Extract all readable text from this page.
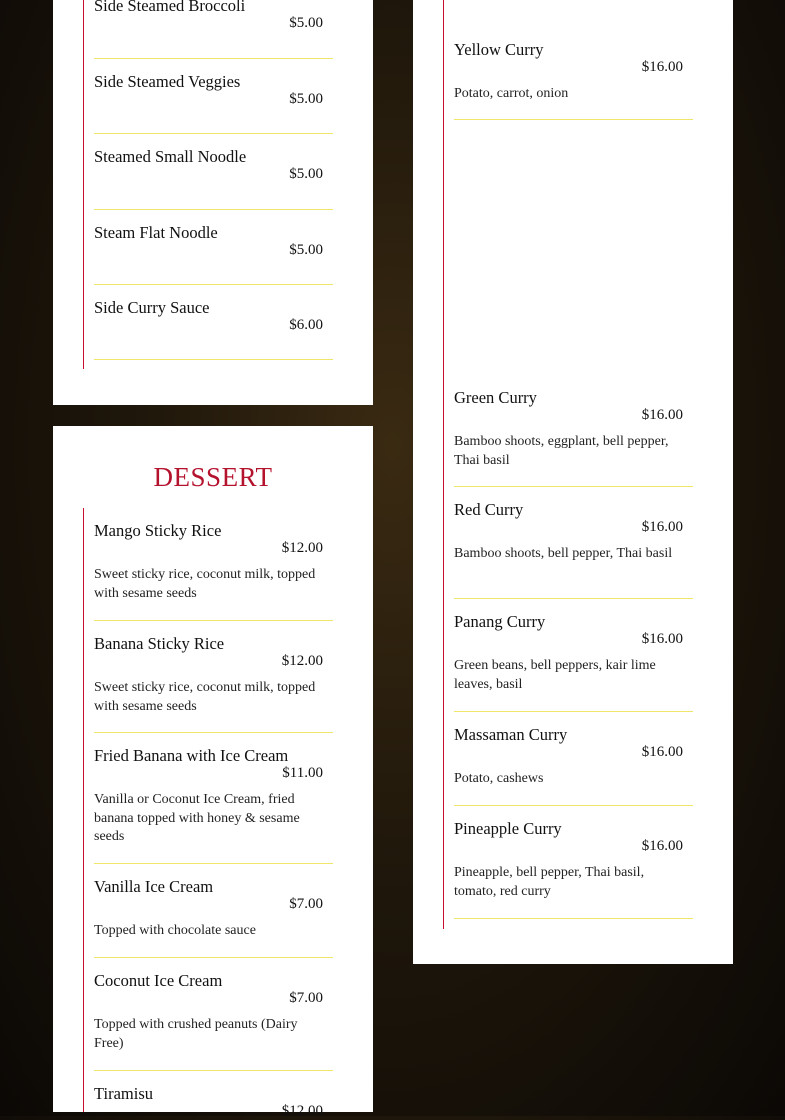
Side Steamed Broccoli
$5.00
Side Steamed Veggies
$5.00
Steamed Small Noodle
$5.00
Steam Flat Noodle
$5.00
Side Curry Sauce
$6.00
DESSERT
Mango Sticky Rice
$12.00
Sweet sticky rice, coconut milk, topped with sesame seeds
Banana Sticky Rice
$12.00
Sweet sticky rice, coconut milk, topped with sesame seeds
Fried Banana with Ice Cream
$11.00
Vanilla or Coconut Ice Cream, fried banana topped with honey & sesame seeds
Vanilla Ice Cream
$7.00
Topped with chocolate sauce
Coconut Ice Cream
$7.00
Topped with crushed peanuts (Dairy Free)
Tiramisu
$12.00
Yellow Curry
$16.00
Potato, carrot, onion
Green Curry
$16.00
Bamboo shoots, eggplant, bell pepper, Thai basil
Red Curry
$16.00
Bamboo shoots, bell pepper, Thai basil
Panang Curry
$16.00
Green beans, bell peppers, kair lime leaves, basil
Massaman Curry
$16.00
Potato, cashews
Pineapple Curry
$16.00
Pineapple, bell pepper, Thai basil, tomato, red curry
